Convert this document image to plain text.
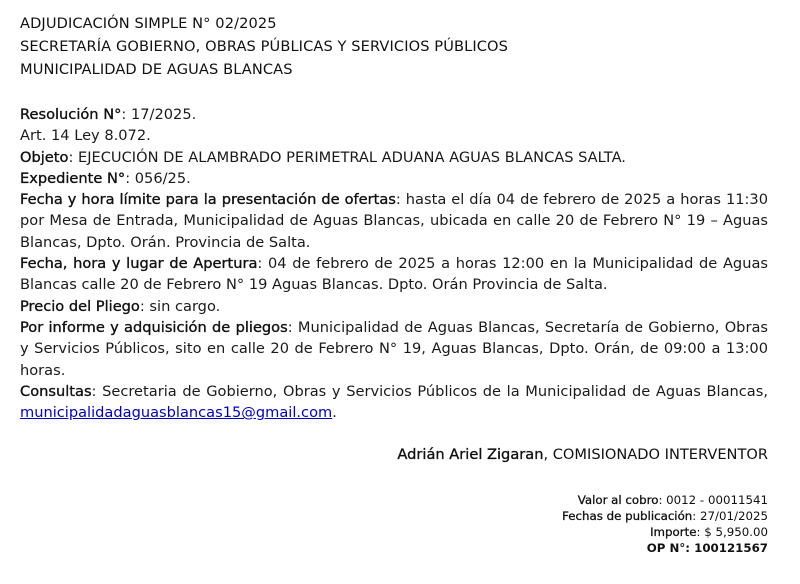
ADJUDICACIÓN SIMPLE N° 02/2025
SECRETARÍA GOBIERNO, OBRAS PÚBLICAS Y SERVICIOS PÚBLICOS
MUNICIPALIDAD DE AGUAS BLANCAS
Resolución N°: 17/2025.
Art. 14 Ley 8.072.
Objeto: EJECUCIÓN DE ALAMBRADO PERIMETRAL ADUANA AGUAS BLANCAS SALTA.
Expediente N°: 056/25.
Fecha y hora límite para la presentación de ofertas: hasta el día 04 de febrero de 2025 a horas 11:30 por Mesa de Entrada, Municipalidad de Aguas Blancas, ubicada en calle 20 de Febrero N° 19 – Aguas Blancas, Dpto. Orán. Provincia de Salta.
Fecha, hora y lugar de Apertura: 04 de febrero de 2025 a horas 12:00 en la Municipalidad de Aguas Blancas calle 20 de Febrero N° 19 Aguas Blancas. Dpto. Orán Provincia de Salta.
Precio del Pliego: sin cargo.
Por informe y adquisición de pliegos: Municipalidad de Aguas Blancas, Secretaría de Gobierno, Obras y Servicios Públicos, sito en calle 20 de Febrero N° 19, Aguas Blancas, Dpto. Orán, de 09:00 a 13:00 horas.
Consultas: Secretaria de Gobierno, Obras y Servicios Públicos de la Municipalidad de Aguas Blancas, municipalidadaguasblancas15@gmail.com.
Adrián Ariel Zigaran, COMISIONADO INTERVENTOR
Valor al cobro: 0012 - 00011541
Fechas de publicación: 27/01/2025
Importe: $ 5,950.00
OP N°: 100121567
